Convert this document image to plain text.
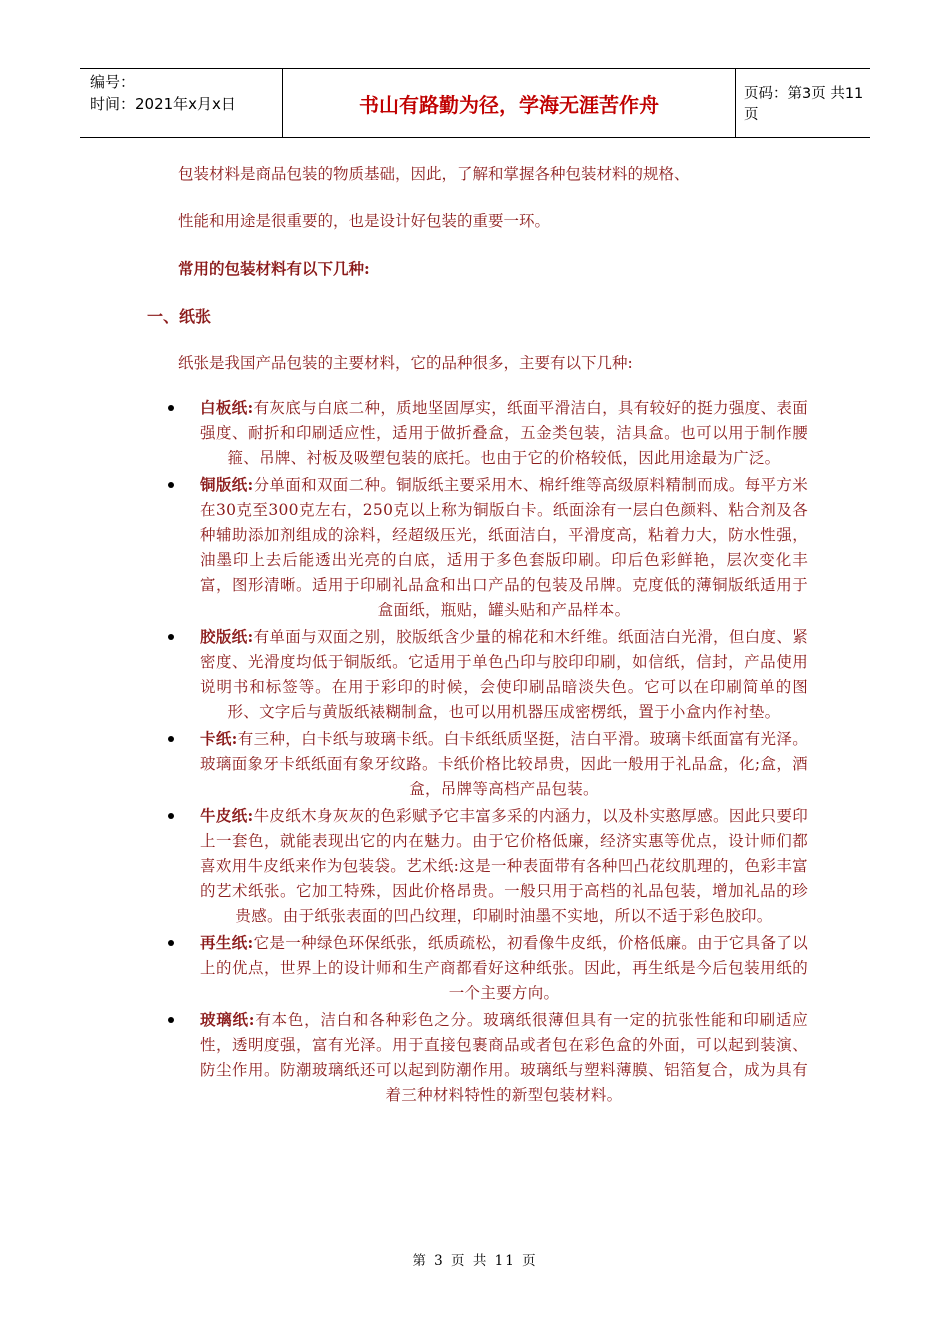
编号：
时间：2021年x月x日	书山有路勤为径，学海无涯苦作舟	页码：第3页 共11页
包装材料是商品包装的物质基础，因此，了解和掌握各种包装材料的规格、
性能和用途是很重要的，也是设计好包装的重要一环。
常用的包装材料有以下几种:
一、纸张
纸张是我国产品包装的主要材料，它的品种很多，主要有以下几种:
白板纸:有灰底与白底二种，质地坚固厚实，纸面平滑洁白，具有较好的挺力强度、表面强度、耐折和印刷适应性，适用于做折叠盒，五金类包装，洁具盒。也可以用于制作腰箍、吊牌、衬板及吸塑包装的底托。也由于它的价格较低，因此用途最为广泛。
铜版纸:分单面和双面二种。铜版纸主要采用木、棉纤维等高级原料精制而成。每平方米在30克至300克左右，250克以上称为铜版白卡。纸面涂有一层白色颜料、粘合剂及各种辅助添加剂组成的涂料，经超级压光，纸面洁白，平滑度高，粘着力大，防水性强，油墨印上去后能透出光亮的白底，适用于多色套版印刷。印后色彩鲜艳，层次变化丰富，图形清晰。适用于印刷礼品盒和出口产品的包装及吊牌。克度低的薄铜版纸适用于盒面纸，瓶贴，罐头贴和产品样本。
胶版纸:有单面与双面之别，胶版纸含少量的棉花和木纤维。纸面洁白光滑，但白度、紧密度、光滑度均低于铜版纸。它适用于单色凸印与胶印印刷，如信纸，信封，产品使用说明书和标签等。在用于彩印的时候，会使印刷品暗淡失色。它可以在印刷简单的图形、文字后与黄版纸裱糊制盒，也可以用机器压成密楞纸，置于小盒内作衬垫。
卡纸:有三种，白卡纸与玻璃卡纸。白卡纸纸质坚挺，洁白平滑。玻璃卡纸面富有光泽。玻璃面象牙卡纸纸面有象牙纹路。卡纸价格比较昂贵，因此一般用于礼品盒，化;盒，酒盒，吊牌等高档产品包装。
牛皮纸:牛皮纸木身灰灰的色彩赋予它丰富多采的内涵力，以及朴实憨厚感。因此只要印上一套色，就能表现出它的内在魅力。由于它价格低廉，经济实惠等优点，设计师们都喜欢用牛皮纸来作为包装袋。艺术纸:这是一种表面带有各种凹凸花纹肌理的，色彩丰富的艺术纸张。它加工特殊，因此价格昂贵。一般只用于高档的礼品包装，增加礼品的珍贵感。由于纸张表面的凹凸纹理，印刷时油墨不实地，所以不适于彩色胶印。
再生纸:它是一种绿色环保纸张，纸质疏松，初看像牛皮纸，价格低廉。由于它具备了以上的优点，世界上的设计师和生产商都看好这种纸张。因此，再生纸是今后包装用纸的一个主要方向。
玻璃纸:有本色，洁白和各种彩色之分。玻璃纸很薄但具有一定的抗张性能和印刷适应性，透明度强，富有光泽。用于直接包裹商品或者包在彩色盒的外面，可以起到装演、防尘作用。防潮玻璃纸还可以起到防潮作用。玻璃纸与塑料薄膜、铝箔复合，成为具有着三种材料特性的新型包装材料。
第 3 页 共 11 页
